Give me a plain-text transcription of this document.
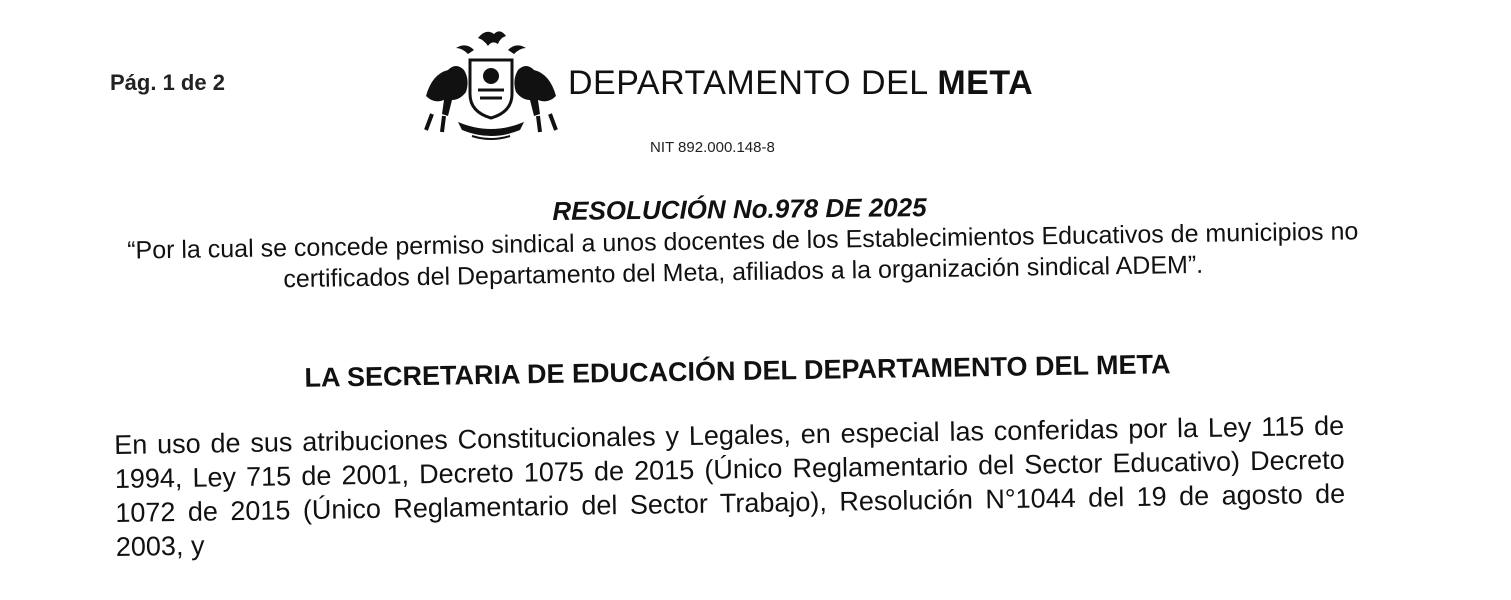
Pág. 1 de 2	DEPARTAMENTO DEL META
NIT 892.000.148-8
RESOLUCIÓN No.978 DE 2025
“Por la cual se concede permiso sindical a unos docentes de los Establecimientos Educativos de municipios no certificados del Departamento del Meta, afiliados a la organización sindical ADEM”.
LA SECRETARIA DE EDUCACIÓN DEL DEPARTAMENTO DEL META
En uso de sus atribuciones Constitucionales y Legales, en especial las conferidas por la Ley 115 de 1994, Ley 715 de 2001, Decreto 1075 de 2015 (Único Reglamentario del Sector Educativo) Decreto 1072 de 2015 (Único Reglamentario del Sector Trabajo), Resolución N°1044 del 19 de agosto de 2003, y
